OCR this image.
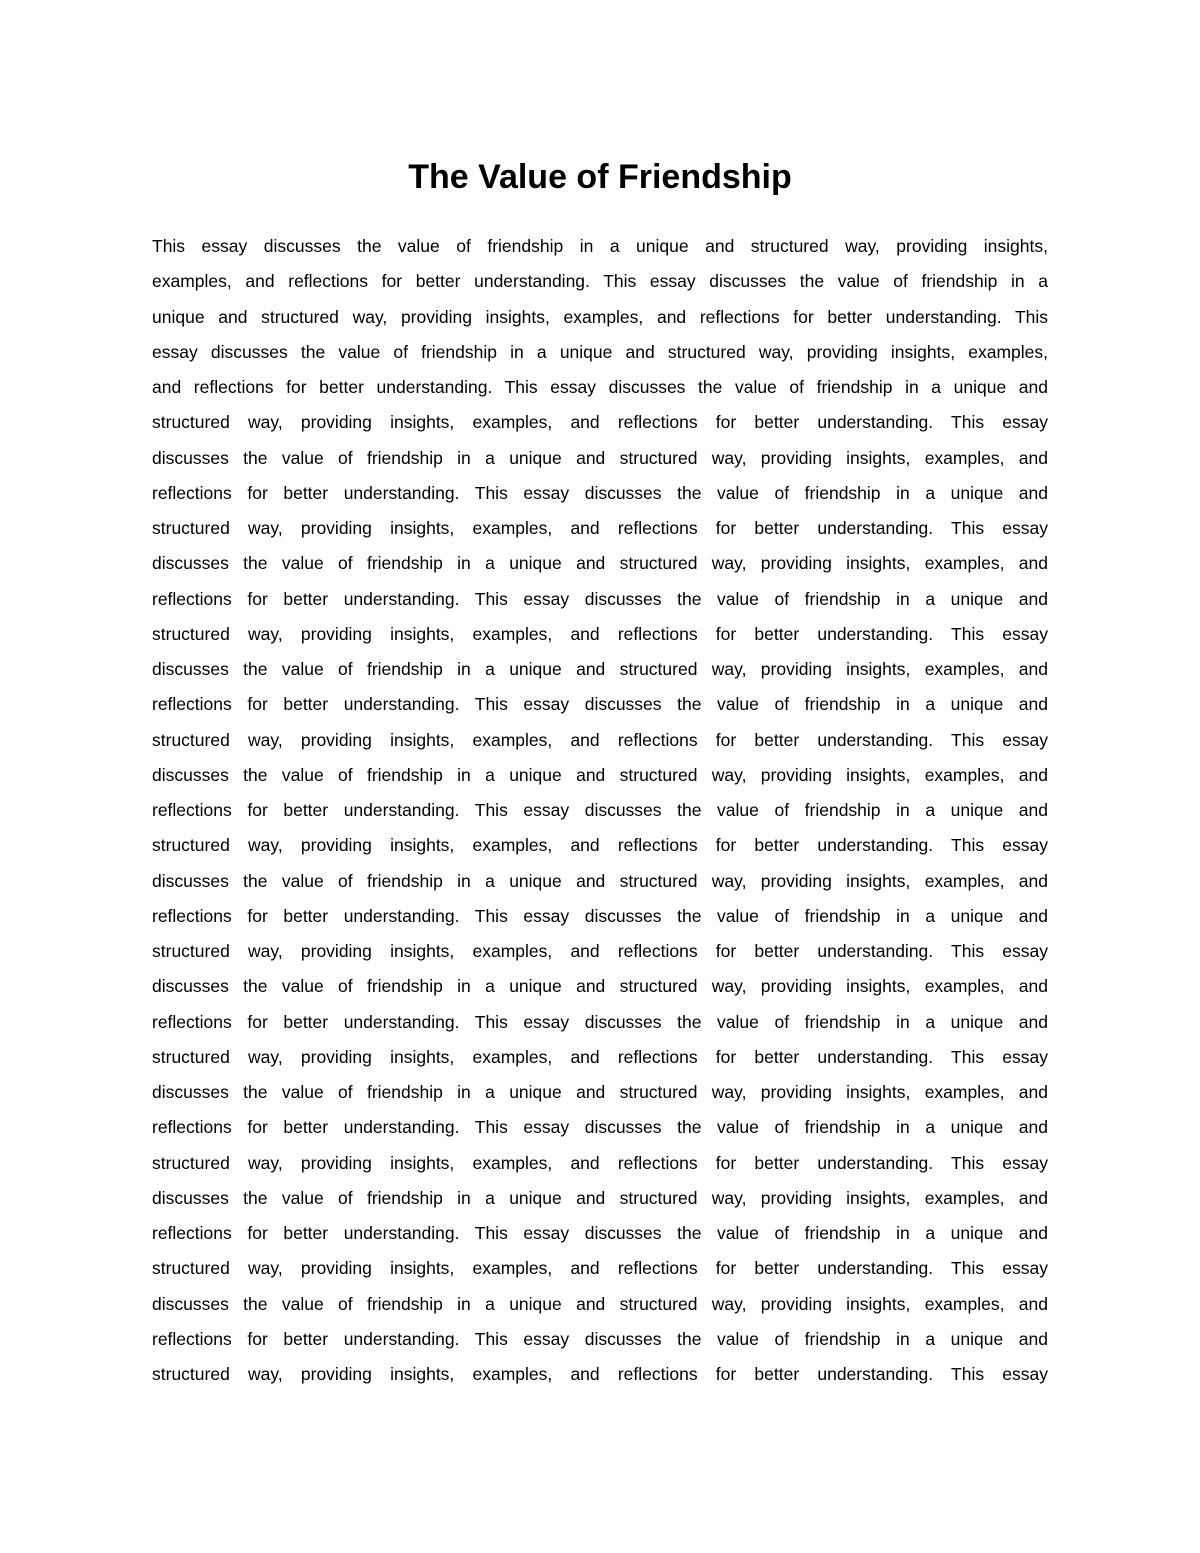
The Value of Friendship
This essay discusses the value of friendship in a unique and structured way, providing insights,
examples, and reflections for better understanding. This essay discusses the value of friendship in a
unique and structured way, providing insights, examples, and reflections for better understanding. This
essay discusses the value of friendship in a unique and structured way, providing insights, examples,
and reflections for better understanding. This essay discusses the value of friendship in a unique and
structured way, providing insights, examples, and reflections for better understanding. This essay
discusses the value of friendship in a unique and structured way, providing insights, examples, and
reflections for better understanding. This essay discusses the value of friendship in a unique and
structured way, providing insights, examples, and reflections for better understanding. This essay
discusses the value of friendship in a unique and structured way, providing insights, examples, and
reflections for better understanding. This essay discusses the value of friendship in a unique and
structured way, providing insights, examples, and reflections for better understanding. This essay
discusses the value of friendship in a unique and structured way, providing insights, examples, and
reflections for better understanding. This essay discusses the value of friendship in a unique and
structured way, providing insights, examples, and reflections for better understanding. This essay
discusses the value of friendship in a unique and structured way, providing insights, examples, and
reflections for better understanding. This essay discusses the value of friendship in a unique and
structured way, providing insights, examples, and reflections for better understanding. This essay
discusses the value of friendship in a unique and structured way, providing insights, examples, and
reflections for better understanding. This essay discusses the value of friendship in a unique and
structured way, providing insights, examples, and reflections for better understanding. This essay
discusses the value of friendship in a unique and structured way, providing insights, examples, and
reflections for better understanding. This essay discusses the value of friendship in a unique and
structured way, providing insights, examples, and reflections for better understanding. This essay
discusses the value of friendship in a unique and structured way, providing insights, examples, and
reflections for better understanding. This essay discusses the value of friendship in a unique and
structured way, providing insights, examples, and reflections for better understanding. This essay
discusses the value of friendship in a unique and structured way, providing insights, examples, and
reflections for better understanding. This essay discusses the value of friendship in a unique and
structured way, providing insights, examples, and reflections for better understanding. This essay
discusses the value of friendship in a unique and structured way, providing insights, examples, and
reflections for better understanding. This essay discusses the value of friendship in a unique and
structured way, providing insights, examples, and reflections for better understanding. This essay
